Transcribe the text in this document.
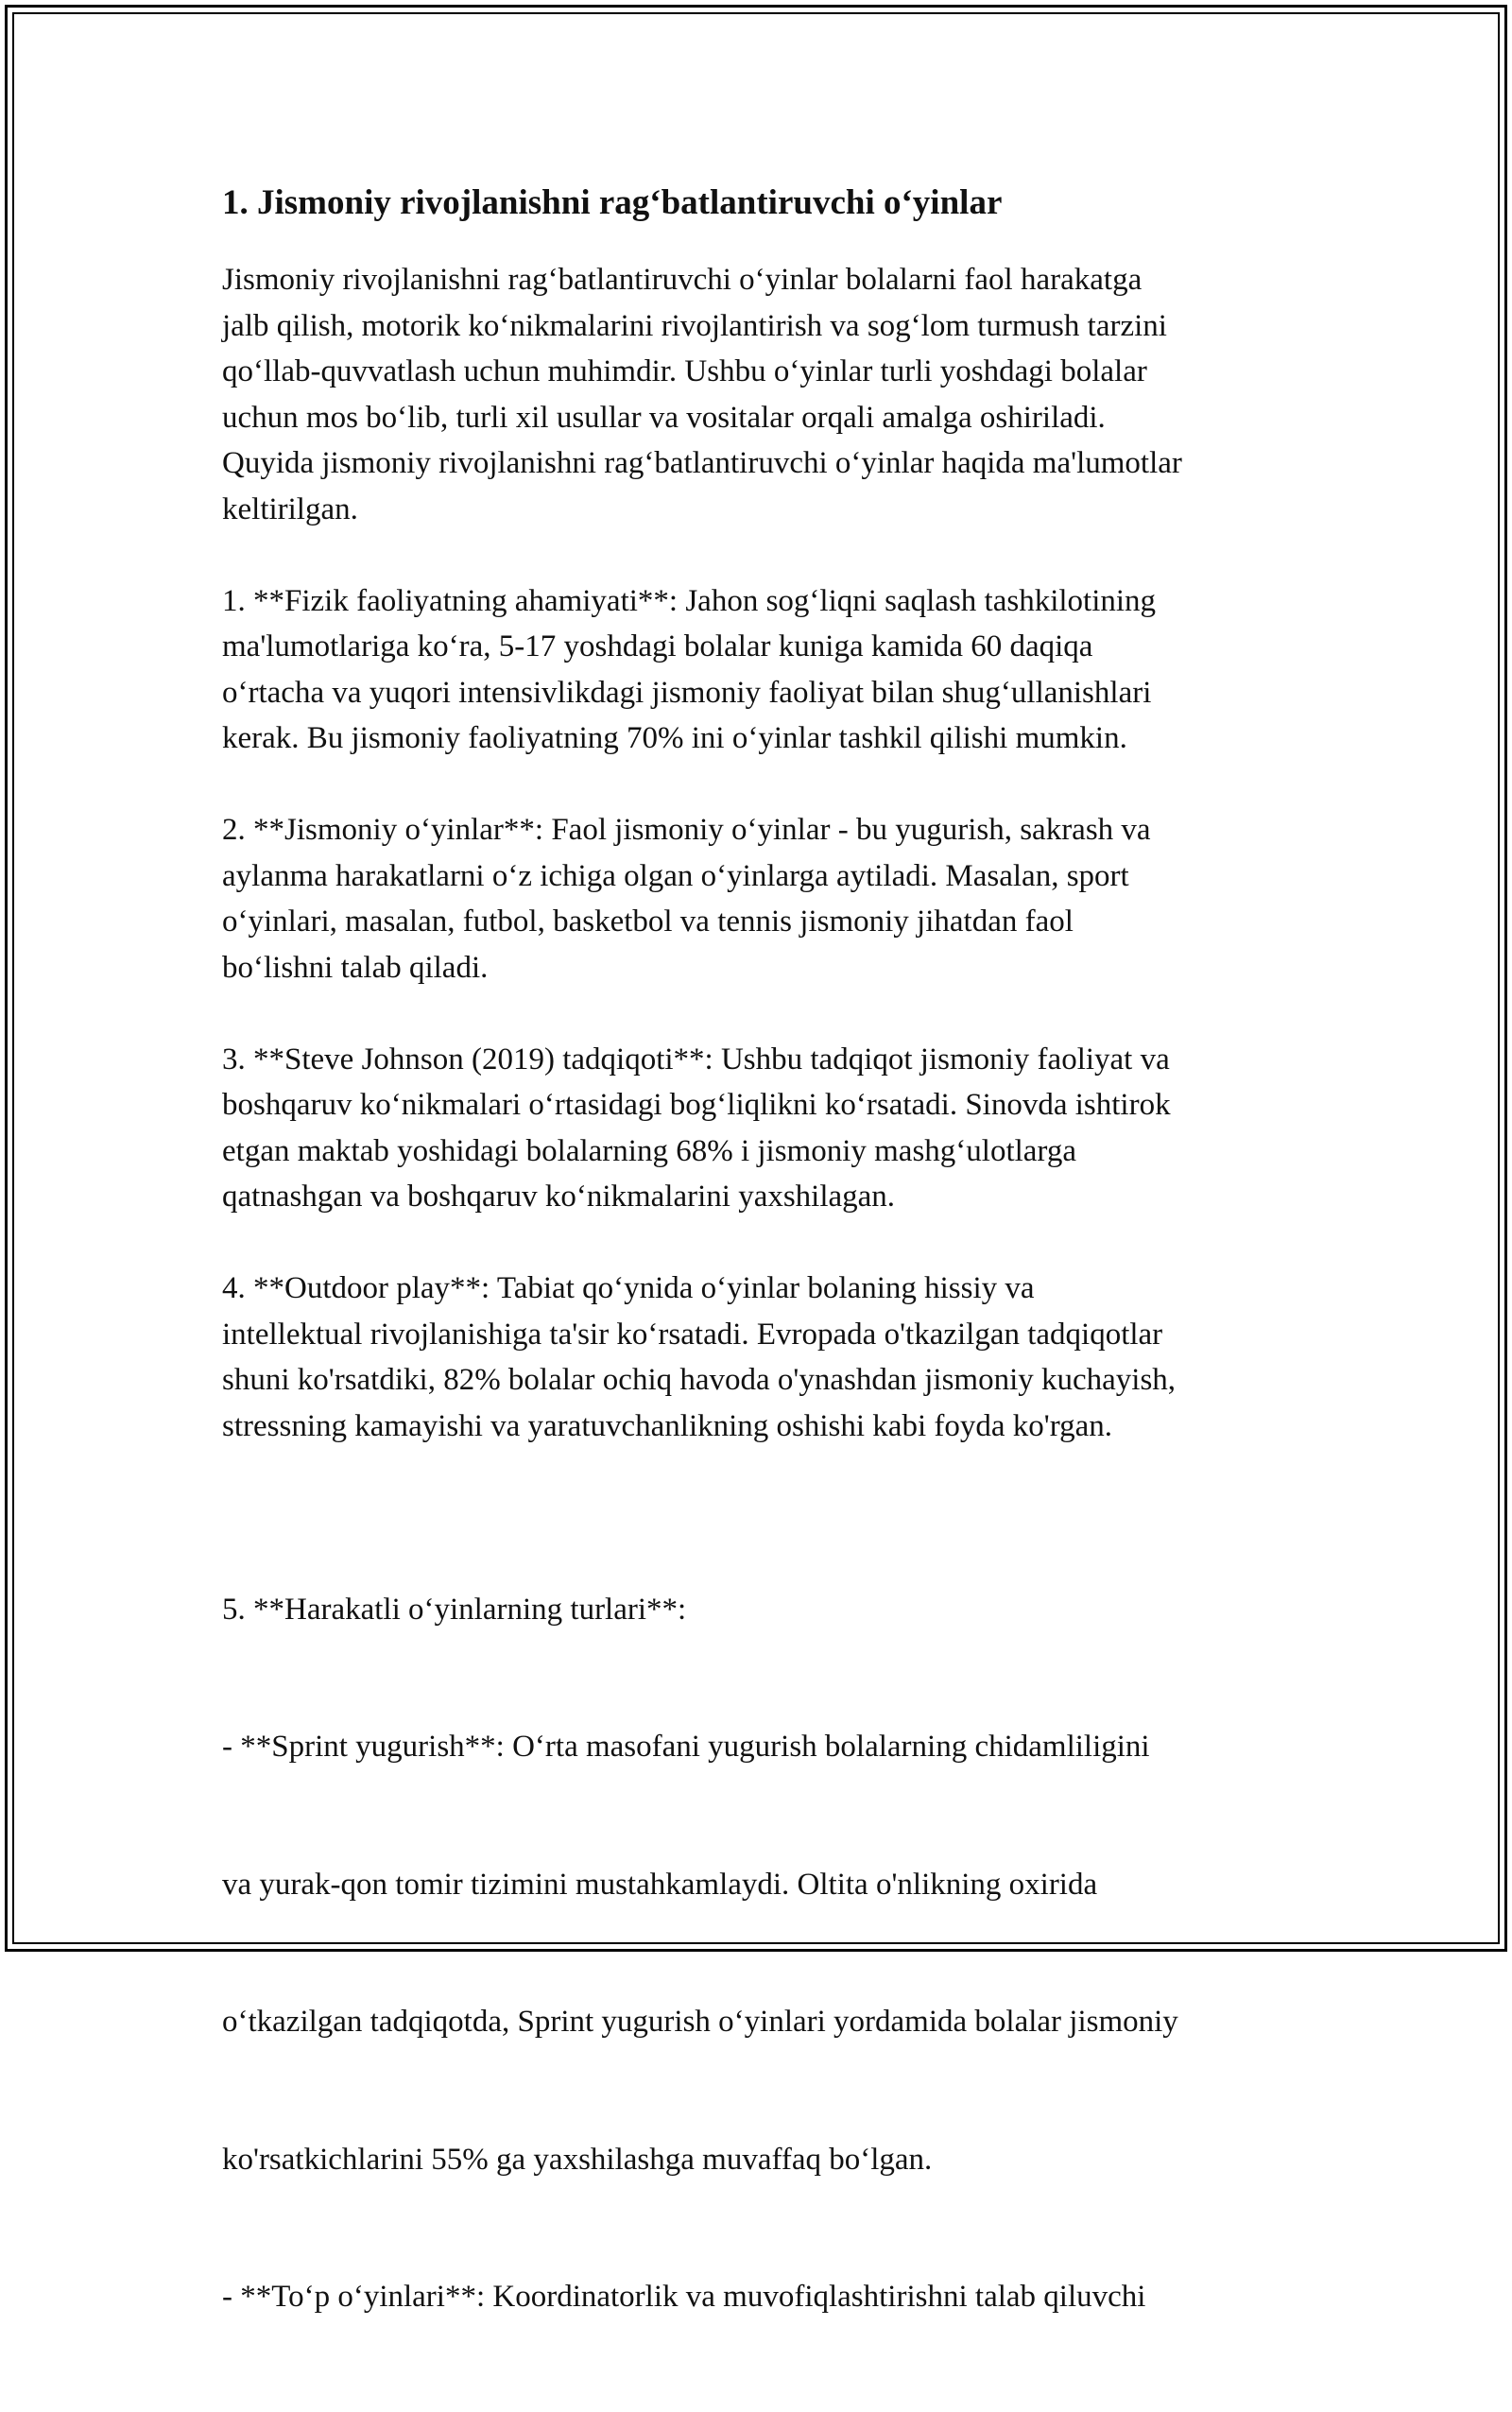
1. Jismoniy rivojlanishni rag‘batlantiruvchi o‘yinlar
Jismoniy rivojlanishni rag‘batlantiruvchi o‘yinlar bolalarni faol harakatga
jalb qilish, motorik ko‘nikmalarini rivojlantirish va sog‘lom turmush tarzini
qo‘llab-quvvatlash uchun muhimdir. Ushbu o‘yinlar turli yoshdagi bolalar
uchun mos bo‘lib, turli xil usullar va vositalar orqali amalga oshiriladi.
Quyida jismoniy rivojlanishni rag‘batlantiruvchi o‘yinlar haqida ma'lumotlar
keltirilgan.
1. **Fizik faoliyatning ahamiyati**: Jahon sog‘liqni saqlash tashkilotining
ma'lumotlariga ko‘ra, 5-17 yoshdagi bolalar kuniga kamida 60 daqiqa
o‘rtacha va yuqori intensivlikdagi jismoniy faoliyat bilan shug‘ullanishlari
kerak. Bu jismoniy faoliyatning 70% ini o‘yinlar tashkil qilishi mumkin.
2. **Jismoniy o‘yinlar**: Faol jismoniy o‘yinlar - bu yugurish, sakrash va
aylanma harakatlarni o‘z ichiga olgan o‘yinlarga aytiladi. Masalan, sport
o‘yinlari, masalan, futbol, basketbol va tennis jismoniy jihatdan faol
bo‘lishni talab qiladi.
3. **Steve Johnson (2019) tadqiqoti**: Ushbu tadqiqot jismoniy faoliyat va
boshqaruv ko‘nikmalari o‘rtasidagi bog‘liqlikni ko‘rsatadi. Sinovda ishtirok
etgan maktab yoshidagi bolalarning 68% i jismoniy mashg‘ulotlarga
qatnashgan va boshqaruv ko‘nikmalarini yaxshilagan.
4. **Outdoor play**: Tabiat qo‘ynida o‘yinlar bolaning hissiy va
intellektual rivojlanishiga ta'sir ko‘rsatadi. Evropada o'tkazilgan tadqiqotlar
shuni ko'rsatdiki, 82% bolalar ochiq havoda o'ynashdan jismoniy kuchayish,
stressning kamayishi va yaratuvchanlikning oshishi kabi foyda ko'rgan.

5. **Harakatli o‘yinlarning turlari**:

- **Sprint yugurish**: O‘rta masofani yugurish bolalarning chidamliligini

va yurak-qon tomir tizimini mustahkamlaydi. Oltita o'nlikning oxirida

o‘tkazilgan tadqiqotda, Sprint yugurish o‘yinlari yordamida bolalar jismoniy

ko'rsatkichlarini 55% ga yaxshilashga muvaffaq bo‘lgan.

- **To‘p o‘yinlari**: Koordinatorlik va muvofiqlashtirishni talab qiluvchi
